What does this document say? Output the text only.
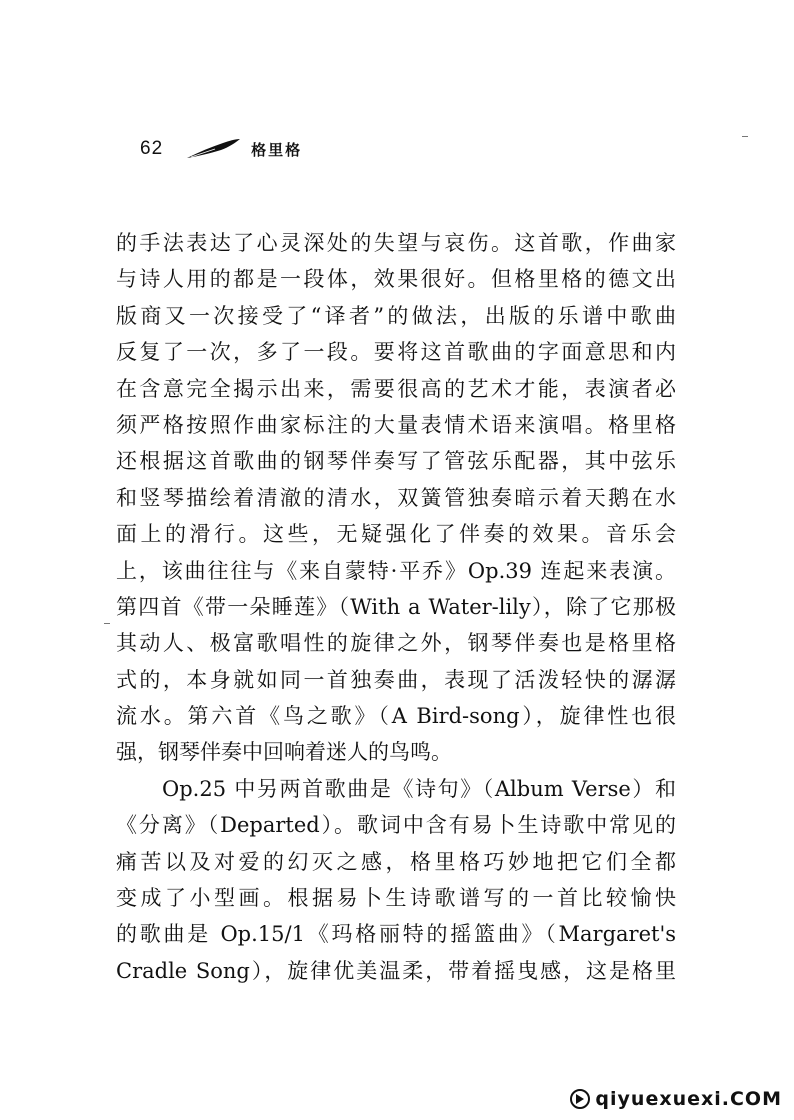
62	格里格
的手法表达了心灵深处的失望与哀伤。这首歌，作曲家
与诗人用的都是一段体，效果很好。但格里格的德文出
版商又一次接受了“译者”的做法，出版的乐谱中歌曲
反复了一次，多了一段。要将这首歌曲的字面意思和内
在含意完全揭示出来，需要很高的艺术才能，表演者必
须严格按照作曲家标注的大量表情术语来演唱。格里格
还根据这首歌曲的钢琴伴奏写了管弦乐配器，其中弦乐
和竖琴描绘着清澈的清水，双簧管独奏暗示着天鹅在水
面上的滑行。这些，无疑强化了伴奏的效果。音乐会
上，该曲往往与《来自蒙特·平乔》Op.39 连起来表演。
第四首《带一朵睡莲》（With a Water-lily），除了它那极
其动人、极富歌唱性的旋律之外，钢琴伴奏也是格里格
式的，本身就如同一首独奏曲，表现了活泼轻快的潺潺
流水。第六首《鸟之歌》（A Bird-song），旋律性也很
强，钢琴伴奏中回响着迷人的鸟鸣。
Op.25 中另两首歌曲是《诗句》（Album Verse）和
《分离》（Departed）。歌词中含有易卜生诗歌中常见的
痛苦以及对爱的幻灭之感，格里格巧妙地把它们全都
变成了小型画。根据易卜生诗歌谱写的一首比较愉快
的歌曲是 Op.15/1《玛格丽特的摇篮曲》（Margaret's
Cradle Song），旋律优美温柔，带着摇曳感，这是格里
qiyuexuexi.COM
